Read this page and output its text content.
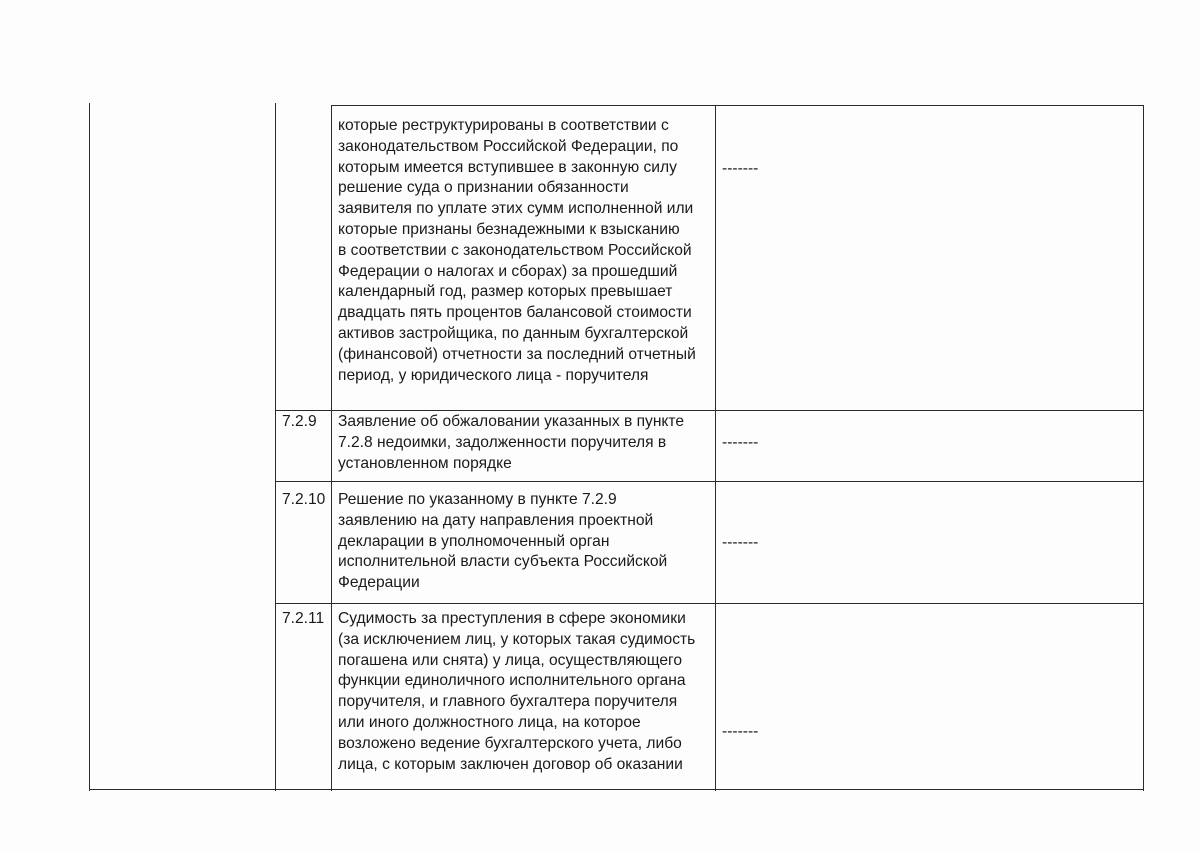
которые реструктурированы в соответствии с
законодательством Российской Федерации, по
которым имеется вступившее в законную силу
решение суда о признании обязанности
заявителя по уплате этих сумм исполненной или
которые признаны безнадежными к взысканию
в соответствии с законодательством Российской
Федерации о налогах и сборах) за прошедший
календарный год, размер которых превышает
двадцать пять процентов балансовой стоимости
активов застройщика, по данным бухгалтерской
(финансовой) отчетности за последний отчетный
период, у юридического лица - поручителя
-------
7.2.9 Заявление об обжаловании указанных в пункте
7.2.8 недоимки, задолженности поручителя в
установленном порядке
-------
7.2.10 Решение по указанному в пункте 7.2.9
заявлению на дату направления проектной
декларации в уполномоченный орган
исполнительной власти субъекта Российской
Федерации
-------
7.2.11 Судимость за преступления в сфере экономики
(за исключением лиц, у которых такая судимость
погашена или снята) у лица, осуществляющего
функции единоличного исполнительного органа
поручителя, и главного бухгалтера поручителя
или иного должностного лица, на которое
возложено ведение бухгалтерского учета, либо
лица, с которым заключен договор об оказании
-------
